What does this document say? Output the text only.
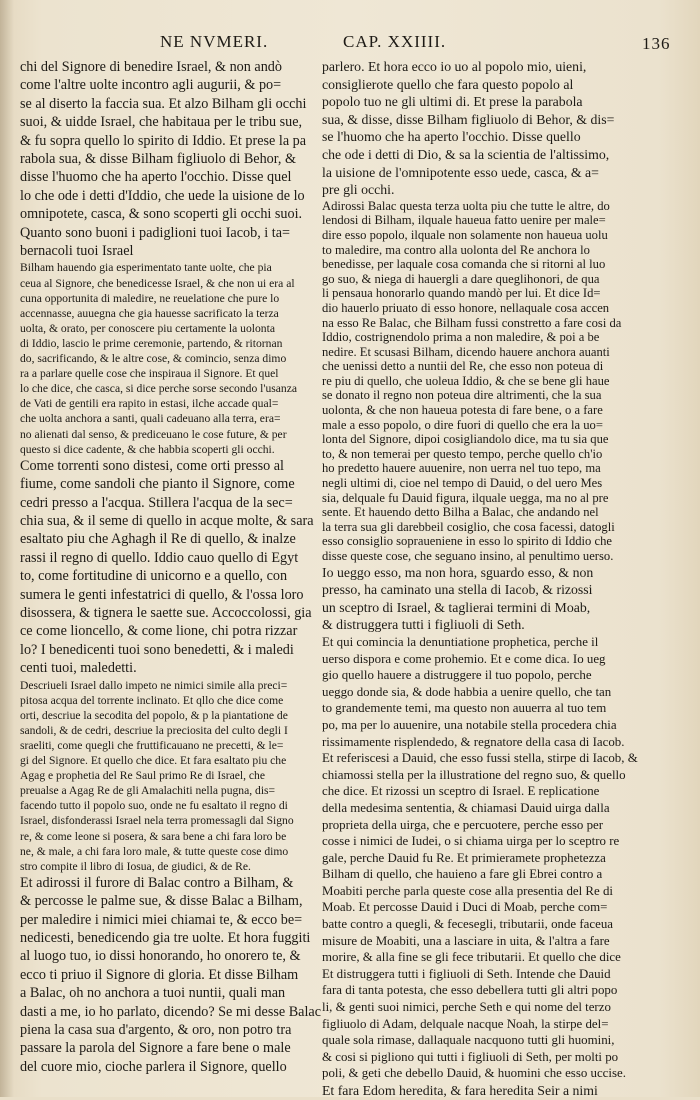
NE NVMERI.	CAP. XXIIII.	136
chi del Signore di benedire Israel, & non andò
come l'altre uolte incontro agli augurii, & po=
se al diserto la faccia sua. Et alzo Bilham gli occhi
suoi, & uidde Israel, che habitaua per le tribu sue,
& fu sopra quello lo spirito di Iddio. Et prese la pa
rabola sua, & disse Bilham figliuolo di Behor, &
disse l'huomo che ha aperto l'occhio. Disse quel
lo che ode i detti d'Iddio, che uede la uisione de lo
omnipotete, casca, & sono scoperti gli occhi suoi.
Quanto sono buoni i padiglioni tuoi Iacob, i ta=
bernacoli tuoi Israel
Bilham hauendo gia esperimentato tante uolte, che pia
ceua al Signore, che benedicesse Israel, & che non ui era al
cuna opportunita di maledire, ne reuelatione che pure lo
accennasse, auuegna che gia hauesse sacrificato la terza
uolta, & orato, per conoscere piu certamente la uolonta
di Iddio, lascio le prime ceremonie, partendo, & ritornan
do, sacrificando, & le altre cose, & comincio, senza dimo
ra a parlare quelle cose che inspiraua il Signore. Et quel
lo che dice, che casca, si dice perche sorse secondo l'usanza
de Vati de gentili era rapito in estasi, ilche accade qual=
che uolta anchora a santi, quali cadeuano alla terra, era=
no alienati dal senso, & prediceuano le cose future, & per
questo si dice cadente, & che habbia scoperti gli occhi.
Come torrenti sono distesi, come orti presso al
fiume, come sandoli che pianto il Signore, come
cedri presso a l'acqua. Stillera l'acqua de la sec=
chia sua, & il seme di quello in acque molte, & sara
esaltato piu che Aghagh il Re di quello, & inalze
rassi il regno di quello. Iddio cauo quello di Egyt
to, come fortitudine di unicorno e a quello, con
sumera le genti infestatrici di quello, & l'ossa loro
disossera, & tignera le saette sue. Accoccolossi, gia
ce come lioncello, & come lione, chi potra rizzar
lo? I benedicenti tuoi sono benedetti, & i maledi
centi tuoi, maledetti.
Descriueli Israel dallo impeto ne nimici simile alla preci=
pitosa acqua del torrente inclinato. Et qllo che dice come
orti, descriue la secodita del popolo, & p la piantatione de
sandoli, & de cedri, descriue la preciosita del culto degli I
sraeliti, come quegli che fruttificauano ne precetti, & le=
gi del Signore. Et quello che dice. Et fara esaltato piu che
Agag e prophetia del Re Saul primo Re di Israel, che
preualse a Agag Re de gli Amalachiti nella pugna, dis=
facendo tutto il popolo suo, onde ne fu esaltato il regno di
Israel, disfonderassi Israel nela terra promessagli dal Signo
re, & come leone si posera, & sara bene a chi fara loro be
ne, & male, a chi fara loro male, & tutte queste cose dimo
stro compite il libro di Iosua, de giudici, & de Re.
Et adirossi il furore di Balac contro a Bilham, &
& percosse le palme sue, & disse Balac a Bilham,
per maledire i nimici miei chiamai te, & ecco be=
nedicesti, benedicendo gia tre uolte. Et hora fuggiti
al luogo tuo, io dissi honorando, ho onorero te, &
ecco ti priuo il Signore di gloria. Et disse Bilham
a Balac, oh no anchora a tuoi nuntii, quali man
dasti a me, io ho parlato, dicendo? Se mi desse Balac
piena la casa sua d'argento, & oro, non potro tra
passare la parola del Signore a fare bene o male
del cuore mio, cioche parlera il Signore, quello
parlero. Et hora ecco io uo al popolo mio, uieni,
consiglierote quello che fara questo popolo al
popolo tuo ne gli ultimi di. Et prese la parabola
sua, & disse, disse Bilham figliuolo di Behor, & dis=
se l'huomo che ha aperto l'occhio. Disse quello
che ode i detti di Dio, & sa la scientia de l'altissimo,
la uisione de l'omnipotente esso uede, casca, & a=
pre gli occhi.
Adirossi Balac questa terza uolta piu che tutte le altre, do
lendosi di Bilham, ilquale haueua fatto uenire per male=
dire esso popolo, ilquale non solamente non haueua uolu
to maledire, ma contro alla uolonta del Re anchora lo
benedisse, per laquale cosa comanda che si ritorni al luo
go suo, & niega di hauergli a dare queglihonori, de qua
li pensaua honorarlo quando mandò per lui. Et dice Id=
dio hauerlo priuato di esso honore, nellaquale cosa accen
na esso Re Balac, che Bilham fussi constretto a fare cosi da
Iddio, costrignendolo prima a non maledire, & poi a be
nedire. Et scusasi Bilham, dicendo hauere anchora auanti
che uenissi detto a nuntii del Re, che esso non poteua di
re piu di quello, che uoleua Iddio, & che se bene gli haue
se donato il regno non poteua dire altrimenti, che la sua
uolonta, & che non haueua potesta di fare bene, o a fare
male a esso popolo, o dire fuori di quello che era la uo=
lonta del Signore, dipoi cosigliandolo dice, ma tu sia que
to, & non temerai per questo tempo, perche quello ch'io
ho predetto hauere auuenire, non uerra nel tuo tepo, ma
negli ultimi di, cioe nel tempo di Dauid, o del uero Mes
sia, delquale fu Dauid figura, ilquale uegga, ma no al pre
sente. Et hauendo detto Bilha a Balac, che andando nel
la terra sua gli darebbeil cosiglio, che cosa facessi, datogli
esso consiglio sopraueniene in esso lo spirito di Iddio che
disse queste cose, che seguano insino, al penultimo uerso.
Io ueggo esso, ma non hora, sguardo esso, & non
presso, ha caminato una stella di Iacob, & rizossi
un sceptro di Israel, & taglierai termini di Moab,
& distruggera tutti i figliuoli di Seth.
Et qui comincia la denuntiatione prophetica, perche il
uerso dispora e come prohemio. Et e come dica. Io ueg
gio quello hauere a distruggere il tuo popolo, perche
ueggo donde sia, & dode habbia a uenire quello, che tan
to grandemente temi, ma questo non auuerra al tuo tem
po, ma per lo auuenire, una notabile stella procedera chia
rissimamente risplendedo, & regnatore della casa di Iacob.
Et referiscesi a Dauid, che esso fussi stella, stirpe di Iacob, &
chiamossi stella per la illustratione del regno suo, & quello
che dice. Et rizossi un sceptro di Israel. E replicatione
della medesima sententia, & chiamasi Dauid uirga dalla
proprieta della uirga, che e percuotere, perche esso per
cosse i nimici de Iudei, o si chiama uirga per lo sceptro re
gale, perche Dauid fu Re. Et primieramete prophetezza
Bilham di quello, che hauieno a fare gli Ebrei contro a
Moabiti perche parla queste cose alla presentia del Re di
Moab. Et percosse Dauid i Duci di Moab, perche com=
batte contro a quegli, & fecesegli, tributarii, onde faceua
misure de Moabiti, una a lasciare in uita, & l'altra a fare
morire, & alla fine se gli fece tributarii. Et quello che dice
Et distruggera tutti i figliuoli di Seth. Intende che Dauid
fara di tanta potesta, che esso debellera tutti gli altri popo
li, & genti suoi nimici, perche Seth e qui nome del terzo
figliuolo di Adam, delquale nacque Noah, la stirpe del=
quale sola rimase, dallaquale nacquono tutti gli huomini,
& cosi si pigliono qui tutti i figliuoli di Seth, per molti po
poli, & geti che debello Dauid, & huomini che esso uccise.
Et fara Edom heredita, & fara heredita Seir a nimi
